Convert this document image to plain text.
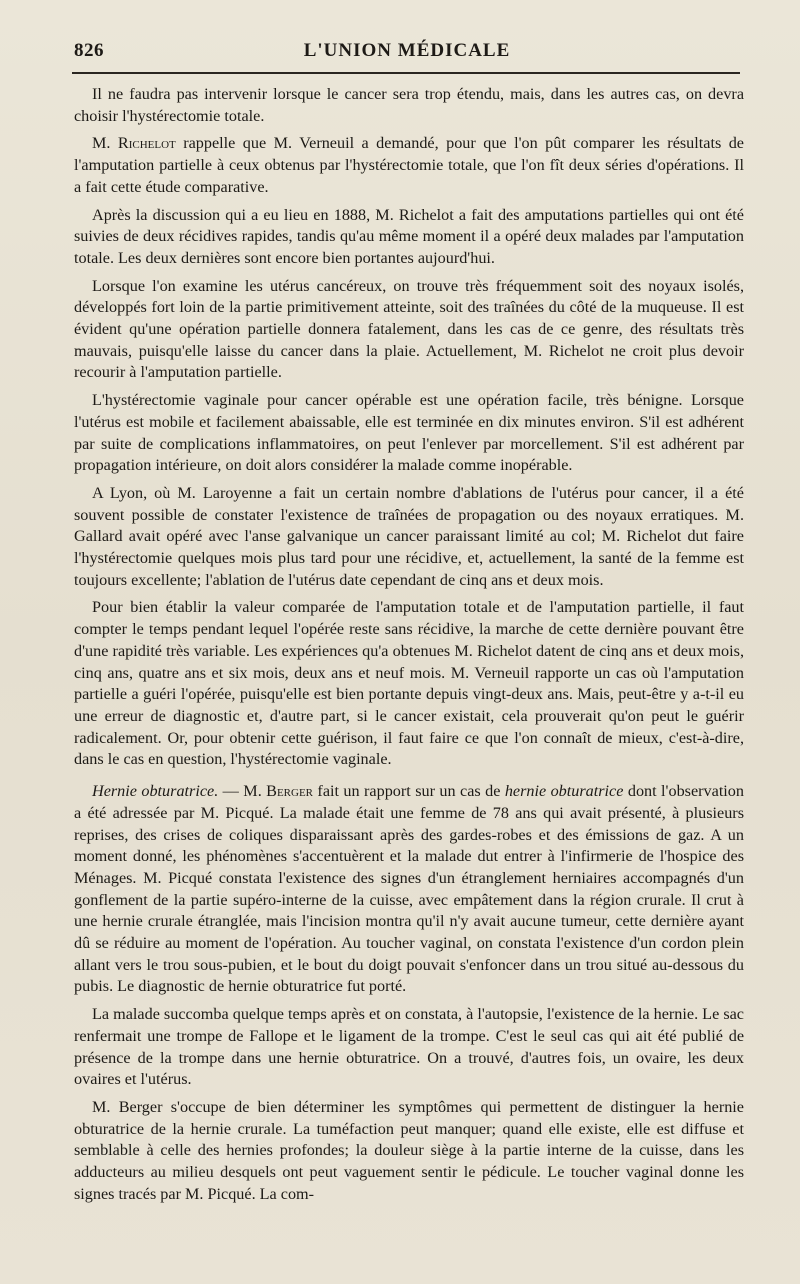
826	L'UNION MÉDICALE

Il ne faudra pas intervenir lorsque le cancer sera trop étendu, mais, dans les autres cas, on devra choisir l'hystérectomie totale.

M. Richelot rappelle que M. Verneuil a demandé, pour que l'on pût comparer les résultats de l'amputation partielle à ceux obtenus par l'hystérectomie totale, que l'on fît deux séries d'opérations. Il a fait cette étude comparative.

Après la discussion qui a eu lieu en 1888, M. Richelot a fait des amputations partielles qui ont été suivies de deux récidives rapides, tandis qu'au même moment il a opéré deux malades par l'amputation totale. Les deux dernières sont encore bien portantes aujourd'hui.

Lorsque l'on examine les utérus cancéreux, on trouve très fréquemment soit des noyaux isolés, développés fort loin de la partie primitivement atteinte, soit des traînées du côté de la muqueuse. Il est évident qu'une opération partielle donnera fatalement, dans les cas de ce genre, des résultats très mauvais, puisqu'elle laisse du cancer dans la plaie. Actuellement, M. Richelot ne croit plus devoir recourir à l'amputation partielle.

L'hystérectomie vaginale pour cancer opérable est une opération facile, très bénigne. Lorsque l'utérus est mobile et facilement abaissable, elle est terminée en dix minutes environ. S'il est adhérent par suite de complications inflammatoires, on peut l'enlever par morcellement. S'il est adhérent par propagation intérieure, on doit alors considérer la malade comme inopérable.

A Lyon, où M. Laroyenne a fait un certain nombre d'ablations de l'utérus pour cancer, il a été souvent possible de constater l'existence de traînées de propagation ou des noyaux erratiques. M. Gallard avait opéré avec l'anse galvanique un cancer paraissant limité au col; M. Richelot dut faire l'hystérectomie quelques mois plus tard pour une récidive, et, actuellement, la santé de la femme est toujours excellente; l'ablation de l'utérus date cependant de cinq ans et deux mois.

Pour bien établir la valeur comparée de l'amputation totale et de l'amputation partielle, il faut compter le temps pendant lequel l'opérée reste sans récidive, la marche de cette dernière pouvant être d'une rapidité très variable. Les expériences qu'a obtenues M. Richelot datent de cinq ans et deux mois, cinq ans, quatre ans et six mois, deux ans et neuf mois. M. Verneuil rapporte un cas où l'amputation partielle a guéri l'opérée, puisqu'elle est bien portante depuis vingt-deux ans. Mais, peut-être y a-t-il eu une erreur de diagnostic et, d'autre part, si le cancer existait, cela prouverait qu'on peut le guérir radicalement. Or, pour obtenir cette guérison, il faut faire ce que l'on connaît de mieux, c'est-à-dire, dans le cas en question, l'hystérectomie vaginale.

Hernie obturatrice. — M. Berger fait un rapport sur un cas de hernie obturatrice dont l'observation a été adressée par M. Picqué. La malade était une femme de 78 ans qui avait présenté, à plusieurs reprises, des crises de coliques disparaissant après des gardes-robes et des émissions de gaz. A un moment donné, les phénomènes s'accentuèrent et la malade dut entrer à l'infirmerie de l'hospice des Ménages. M. Picqué constata l'existence des signes d'un étranglement herniaires accompagnés d'un gonflement de la partie supéro-interne de la cuisse, avec empâtement dans la région crurale. Il crut à une hernie crurale étranglée, mais l'incision montra qu'il n'y avait aucune tumeur, cette dernière ayant dû se réduire au moment de l'opération. Au toucher vaginal, on constata l'existence d'un cordon plein allant vers le trou sous-pubien, et le bout du doigt pouvait s'enfoncer dans un trou situé au-dessous du pubis. Le diagnostic de hernie obturatrice fut porté.

La malade succomba quelque temps après et on constata, à l'autopsie, l'existence de la hernie. Le sac renfermait une trompe de Fallope et le ligament de la trompe. C'est le seul cas qui ait été publié de présence de la trompe dans une hernie obturatrice. On a trouvé, d'autres fois, un ovaire, les deux ovaires et l'utérus.

M. Berger s'occupe de bien déterminer les symptômes qui permettent de distinguer la hernie obturatrice de la hernie crurale. La tuméfaction peut manquer; quand elle existe, elle est diffuse et semblable à celle des hernies profondes; la douleur siège à la partie interne de la cuisse, dans les adducteurs au milieu desquels ont peut vaguement sentir le pédicule. Le toucher vaginal donne les signes tracés par M. Picqué. La com-
